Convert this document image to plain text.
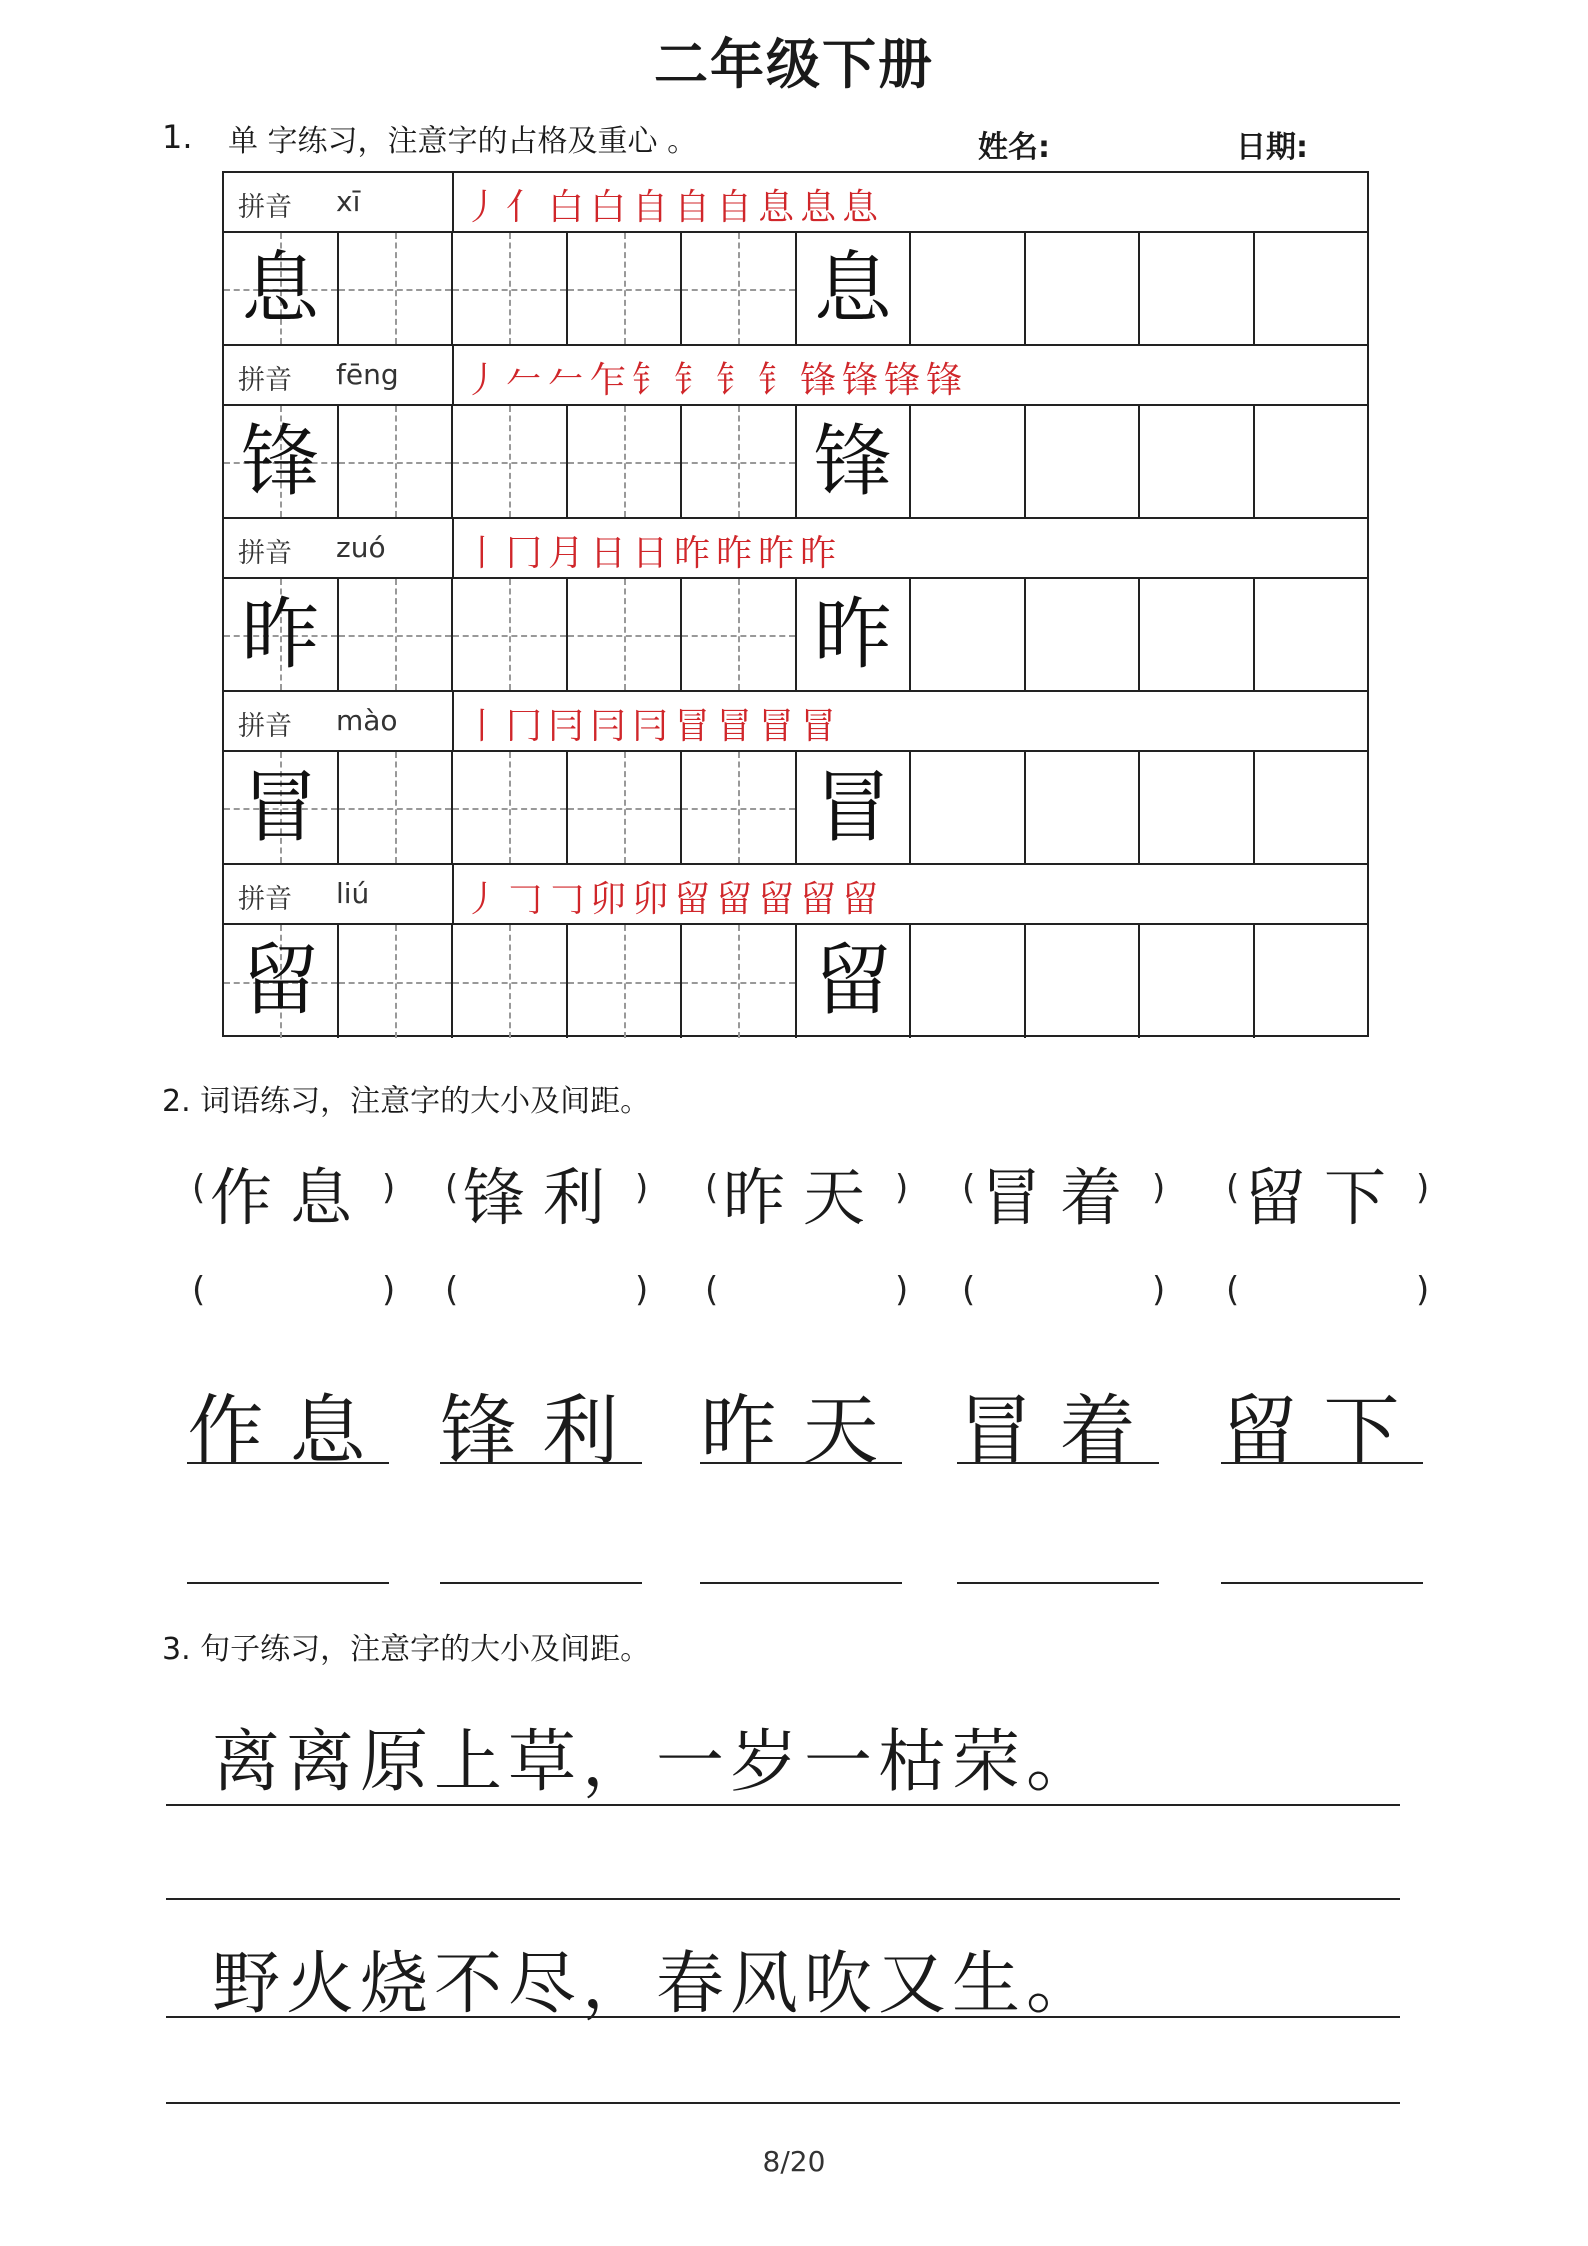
二年级下册
1. 单 字练习，注意字的占格及重心 。	姓名:	日期:
拼音 xī	丿亻白白自自自息息息
息	息
拼音 fēng 丿𠂉𠂉乍钅钅钅钅锋锋锋锋
锋	锋
拼音 zuó 丨冂月日日昨昨昨昨
昨	昨
拼音 mào 丨冂冃冃冃冒冒冒冒
冒	冒
拼音 liú	丿𠃌𠃌卯卯留留留留留
留	留
2. 词语练习，注意字的大小及间距。
( 作息 )
(	)
作息
( 锋利 )
(	)
锋利
( 昨天 )
(	)
昨天
( 冒着 )
(	)
冒着
( 留下 )
(	)
留下
3. 句子练习，注意字的大小及间距。
离离原上草，一岁一枯荣。
野火烧不尽，春风吹又生。
8/20
